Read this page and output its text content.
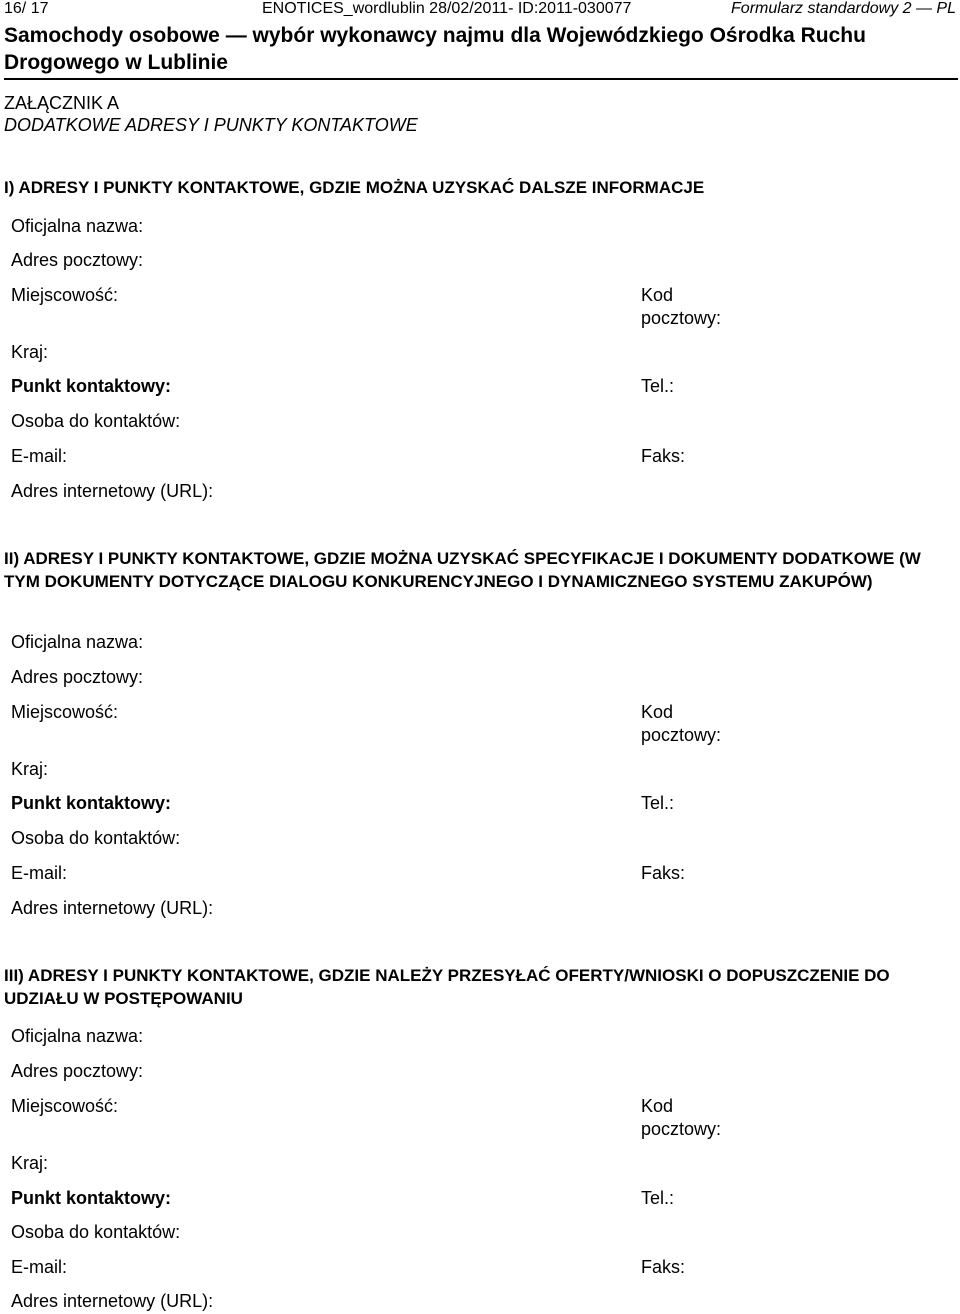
16/ 17	ENOTICES_wordlublin 28/02/2011- ID:2011-030077	Formularz standardowy 2 — PL
Samochody osobowe — wybór wykonawcy najmu dla Wojewódzkiego Ośrodka Ruchu Drogowego w Lublinie
ZAŁĄCZNIK A
DODATKOWE ADRESY I PUNKTY KONTAKTOWE
I) ADRESY I PUNKTY KONTAKTOWE, GDZIE MOŻNA UZYSKAĆ DALSZE INFORMACJE
Oficjalna nazwa:
Adres pocztowy:
Miejscowość:	Kod
pocztowy:
Kraj:
Punkt kontaktowy:	Tel.:
Osoba do kontaktów:
E-mail:	Faks:
Adres internetowy (URL):
II) ADRESY I PUNKTY KONTAKTOWE, GDZIE MOŻNA UZYSKAĆ SPECYFIKACJE I DOKUMENTY DODATKOWE (W TYM DOKUMENTY DOTYCZĄCE DIALOGU KONKURENCYJNEGO I DYNAMICZNEGO SYSTEMU ZAKUPÓW)
Oficjalna nazwa:
Adres pocztowy:
Miejscowość:	Kod
pocztowy:
Kraj:
Punkt kontaktowy:	Tel.:
Osoba do kontaktów:
E-mail:	Faks:
Adres internetowy (URL):
III) ADRESY I PUNKTY KONTAKTOWE, GDZIE NALEŻY PRZESYŁAĆ OFERTY/WNIOSKI O DOPUSZCZENIE DO UDZIAŁU W POSTĘPOWANIU
Oficjalna nazwa:
Adres pocztowy:
Miejscowość:	Kod
pocztowy:
Kraj:
Punkt kontaktowy:	Tel.:
Osoba do kontaktów:
E-mail:	Faks:
Adres internetowy (URL):
